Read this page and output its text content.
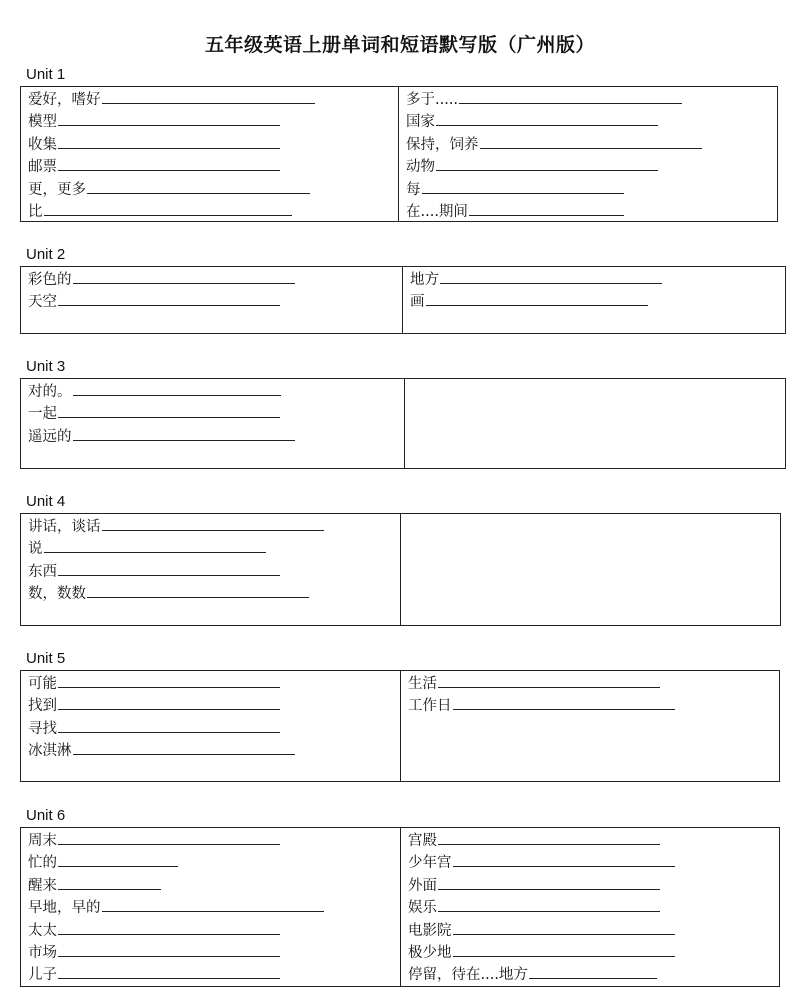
五年级英语上册单词和短语默写版（广州版）
Unit 1
爱好，嗜好
模型
收集
邮票
更，更多
比
多于.....
国家
保持，饲养
动物
每
在....期间
Unit 2
彩色的
天空
地方
画
Unit 3
对的。
一起
遥远的
Unit 4
讲话，谈话
说
东西
数，数数
Unit 5
可能
找到
寻找
冰淇淋
生活
工作日
Unit 6
周末
忙的
醒来
早地，早的
太太
市场
儿子
宫殿
少年宫
外面
娱乐
电影院
极少地
停留，待在....地方
